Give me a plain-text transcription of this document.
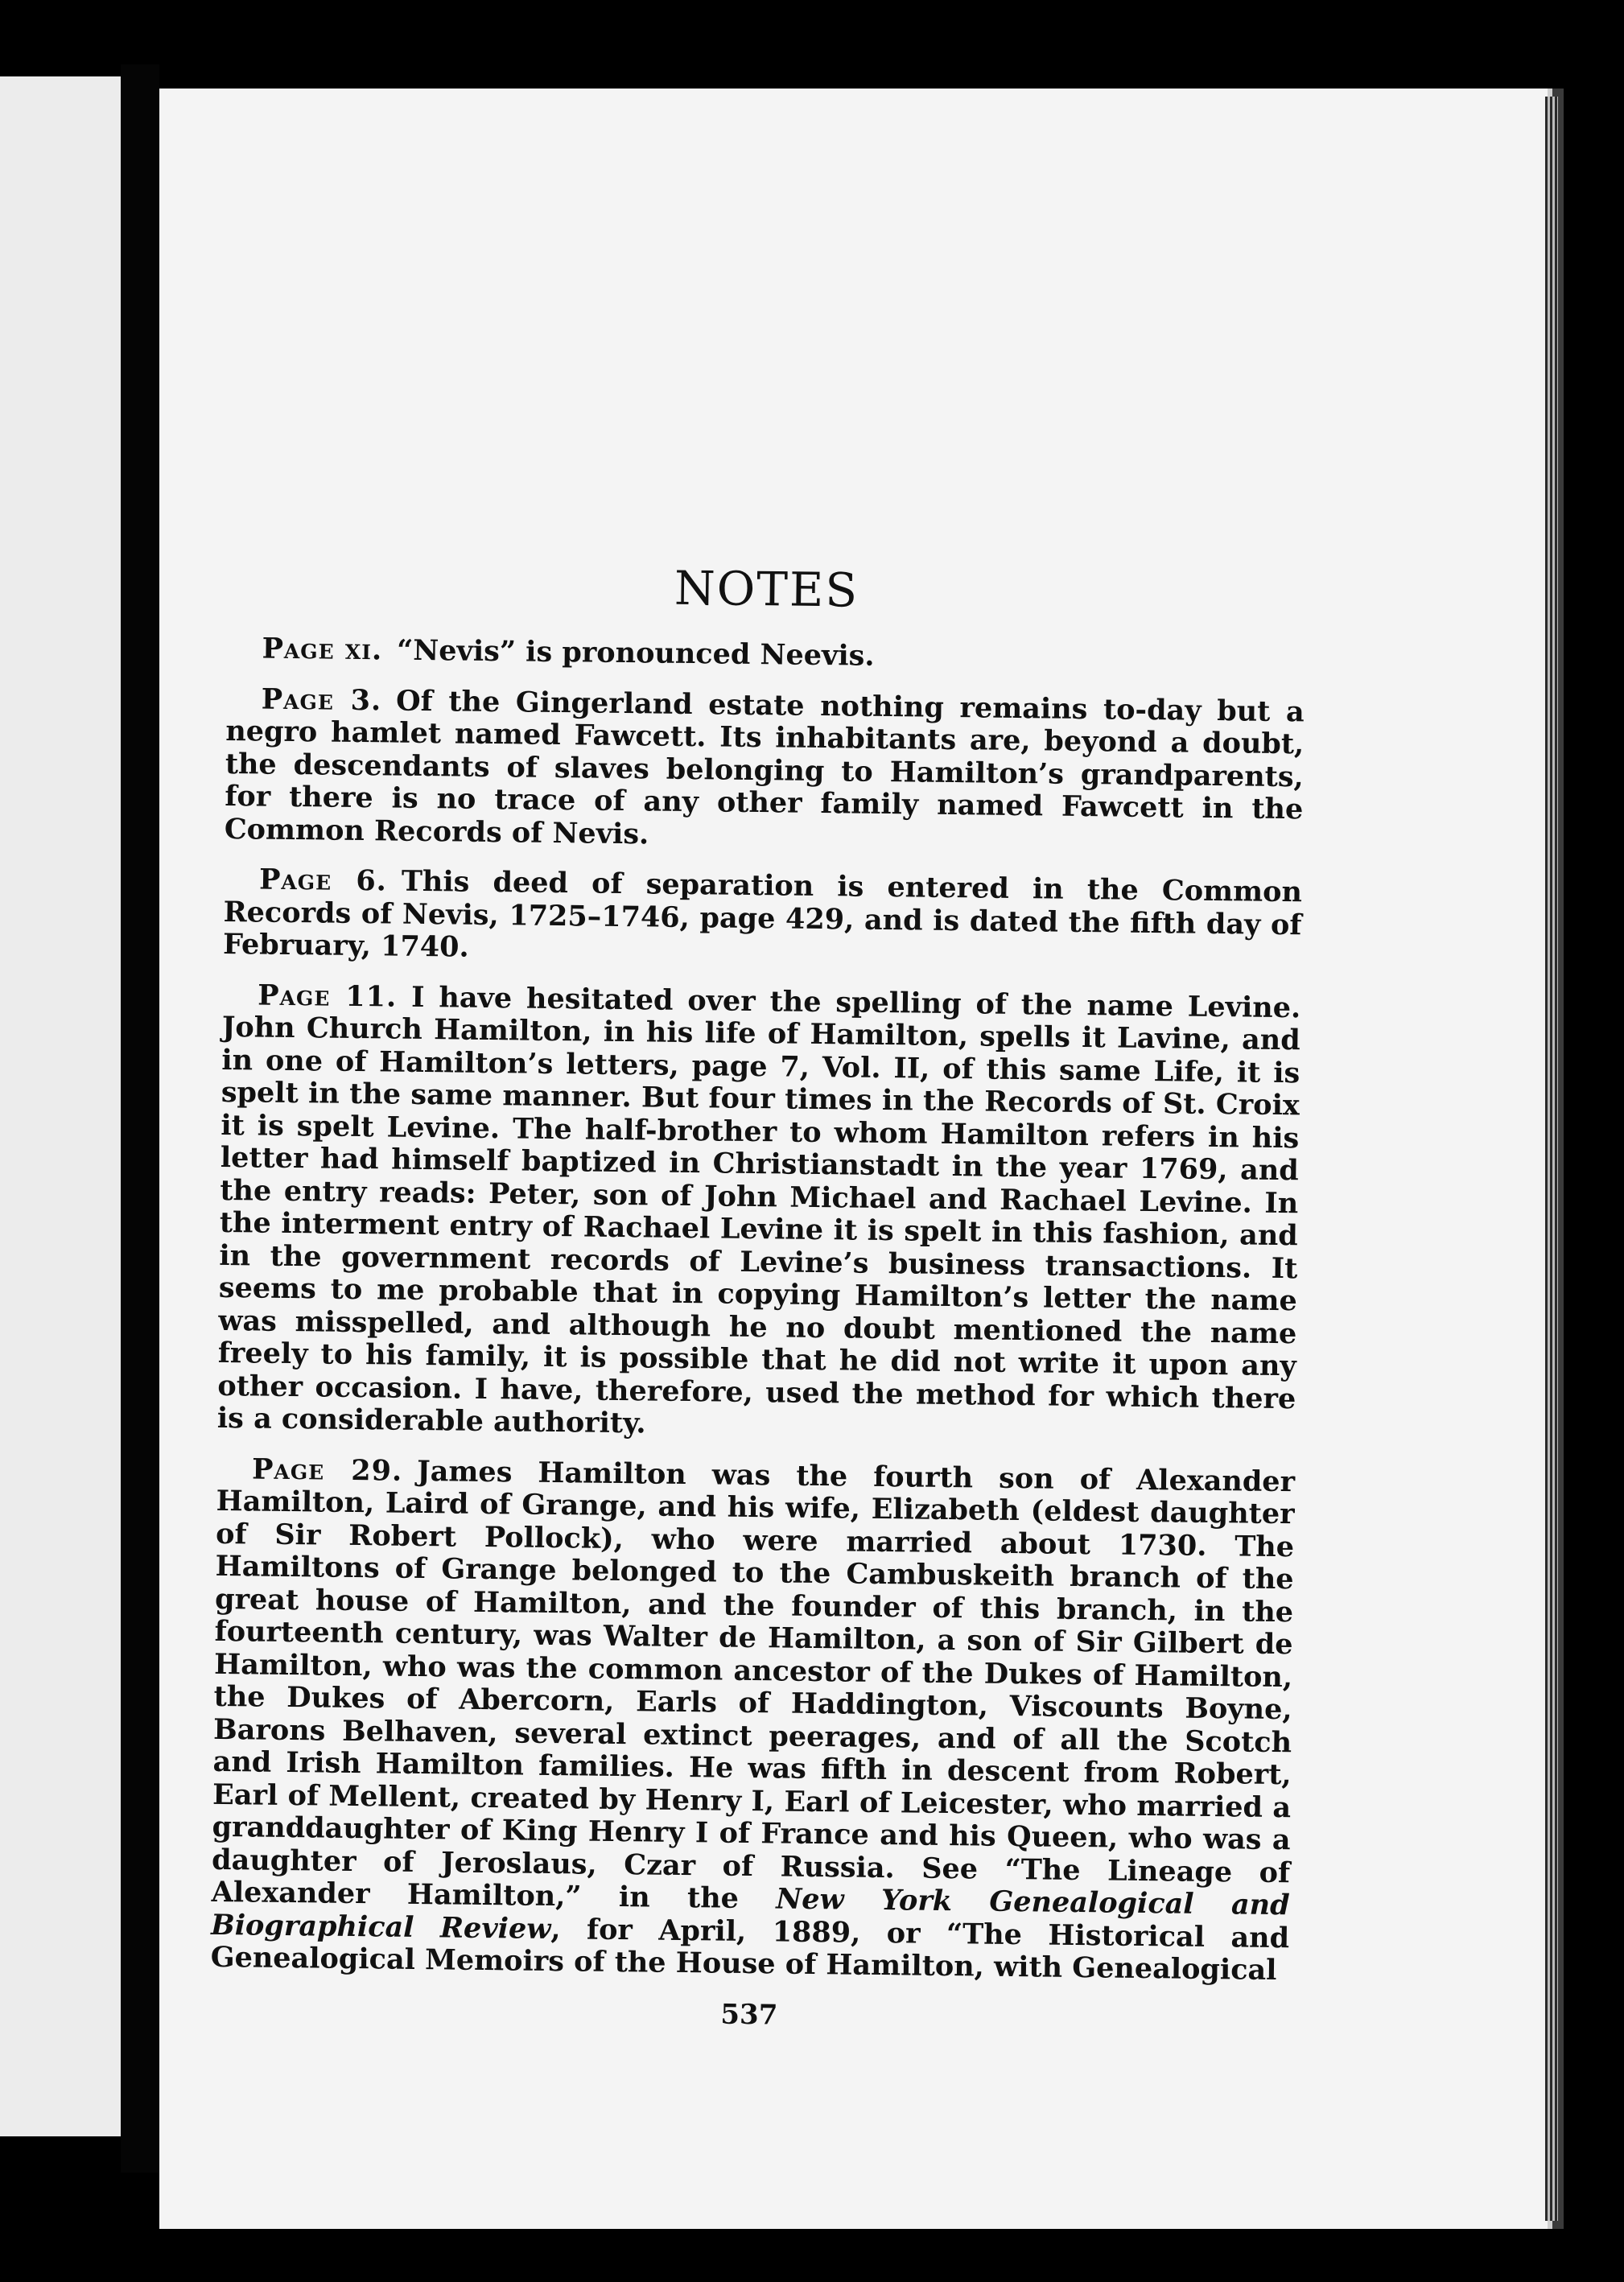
NOTES

Page xi. “Nevis” is pronounced Neevis.

Page 3. Of the Gingerland estate nothing remains to-day but a negro hamlet named Fawcett. Its inhabitants are, beyond a doubt, the descendants of slaves belonging to Hamilton’s grandparents, for there is no trace of any other family named Fawcett in the Common Records of Nevis.

Page 6. This deed of separation is entered in the Common Records of Nevis, 1725–1746, page 429, and is dated the fifth day of February, 1740.

Page 11. I have hesitated over the spelling of the name Levine. John Church Hamilton, in his life of Hamilton, spells it Lavine, and in one of Hamilton’s letters, page 7, Vol. II, of this same Life, it is spelt in the same manner. But four times in the Records of St. Croix it is spelt Levine. The half-brother to whom Hamilton refers in his letter had himself baptized in Christianstadt in the year 1769, and the entry reads: Peter, son of John Michael and Rachael Levine. In the interment entry of Rachael Levine it is spelt in this fashion, and in the government records of Levine’s business transactions. It seems to me probable that in copying Hamilton’s letter the name was misspelled, and although he no doubt mentioned the name freely to his family, it is possible that he did not write it upon any other occasion. I have, therefore, used the method for which there is a considerable authority.

Page 29. James Hamilton was the fourth son of Alexander Hamilton, Laird of Grange, and his wife, Elizabeth (eldest daughter of Sir Robert Pollock), who were married about 1730. The Hamiltons of Grange belonged to the Cambuskeith branch of the great house of Hamilton, and the founder of this branch, in the fourteenth century, was Walter de Hamilton, a son of Sir Gilbert de Hamilton, who was the common ancestor of the Dukes of Hamilton, the Dukes of Abercorn, Earls of Haddington, Viscounts Boyne, Barons Belhaven, several extinct peerages, and of all the Scotch and Irish Hamilton families. He was fifth in descent from Robert, Earl of Mellent, created by Henry I, Earl of Leicester, who married a granddaughter of King Henry I of France and his Queen, who was a daughter of Jeroslaus, Czar of Russia. See “The Lineage of Alexander Hamilton,” in the New York Genealogical and Biographical Review, for April, 1889, or “The Historical and Genealogical Memoirs of the House of Hamilton, with Genealogical

537
